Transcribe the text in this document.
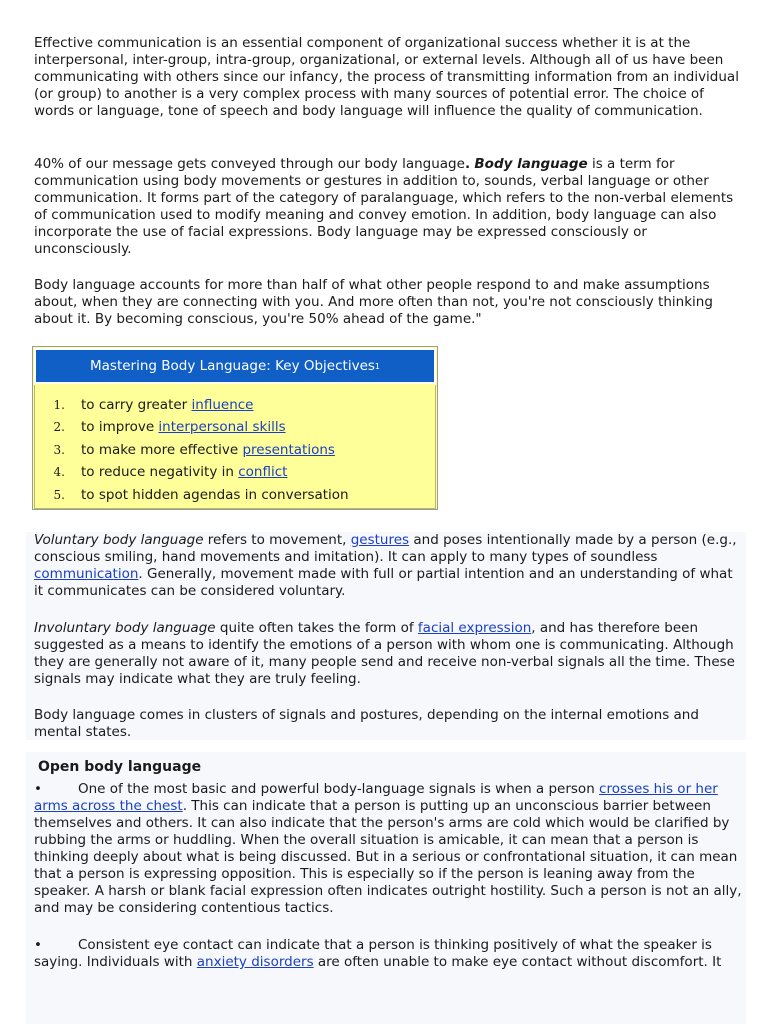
Effective communication is an essential component of organizational success whether it is at the interpersonal, inter-group, intra-group, organizational, or external levels. Although all of us have been communicating with others since our infancy, the process of transmitting information from an individual (or group) to another is a very complex process with many sources of potential error. The choice of words or language, tone of speech and body language will influence the quality of communication.

40% of our message gets conveyed through our body language. Body language is a term for communication using body movements or gestures in addition to, sounds, verbal language or other communication. It forms part of the category of paralanguage, which refers to the non-verbal elements of communication used to modify meaning and convey emotion. In addition, body language can also incorporate the use of facial expressions. Body language may be expressed consciously or unconsciously.

Body language accounts for more than half of what other people respond to and make assumptions about, when they are connecting with you. And more often than not, you're not consciously thinking about it. By becoming conscious, you're 50% ahead of the game."

Mastering Body Language: Key Objectives 1
1.	to carry greater
influence
2.	to improve
interpersonal skills
3.	to make more effective
presentations
4.	to reduce negativity in
conflict
5.	to spot hidden agendas in conversation

Voluntary body language refers to movement, gestures and poses intentionally made by a person (e.g., conscious smiling, hand movements and imitation). It can apply to many types of soundless communication. Generally, movement made with full or partial intention and an understanding of what it communicates can be considered voluntary.

Involuntary body language quite often takes the form of facial expression, and has therefore been suggested as a means to identify the emotions of a person with whom one is communicating. Although they are generally not aware of it, many people send and receive non-verbal signals all the time. These signals may indicate what they are truly feeling.

Body language comes in clusters of signals and postures, depending on the internal emotions and mental states.

Open body language

•	One of the most basic and powerful body-language signals is when a person crosses his or her arms across the chest. This can indicate that a person is putting up an unconscious barrier between themselves and others. It can also indicate that the person's arms are cold which would be clarified by rubbing the arms or huddling. When the overall situation is amicable, it can mean that a person is thinking deeply about what is being discussed. But in a serious or confrontational situation, it can mean that a person is expressing opposition. This is especially so if the person is leaning away from the speaker. A harsh or blank facial expression often indicates outright hostility. Such a person is not an ally, and may be considering contentious tactics.

•	Consistent eye contact can indicate that a person is thinking positively of what the speaker is saying. Individuals with anxiety disorders are often unable to make eye contact without discomfort. It
